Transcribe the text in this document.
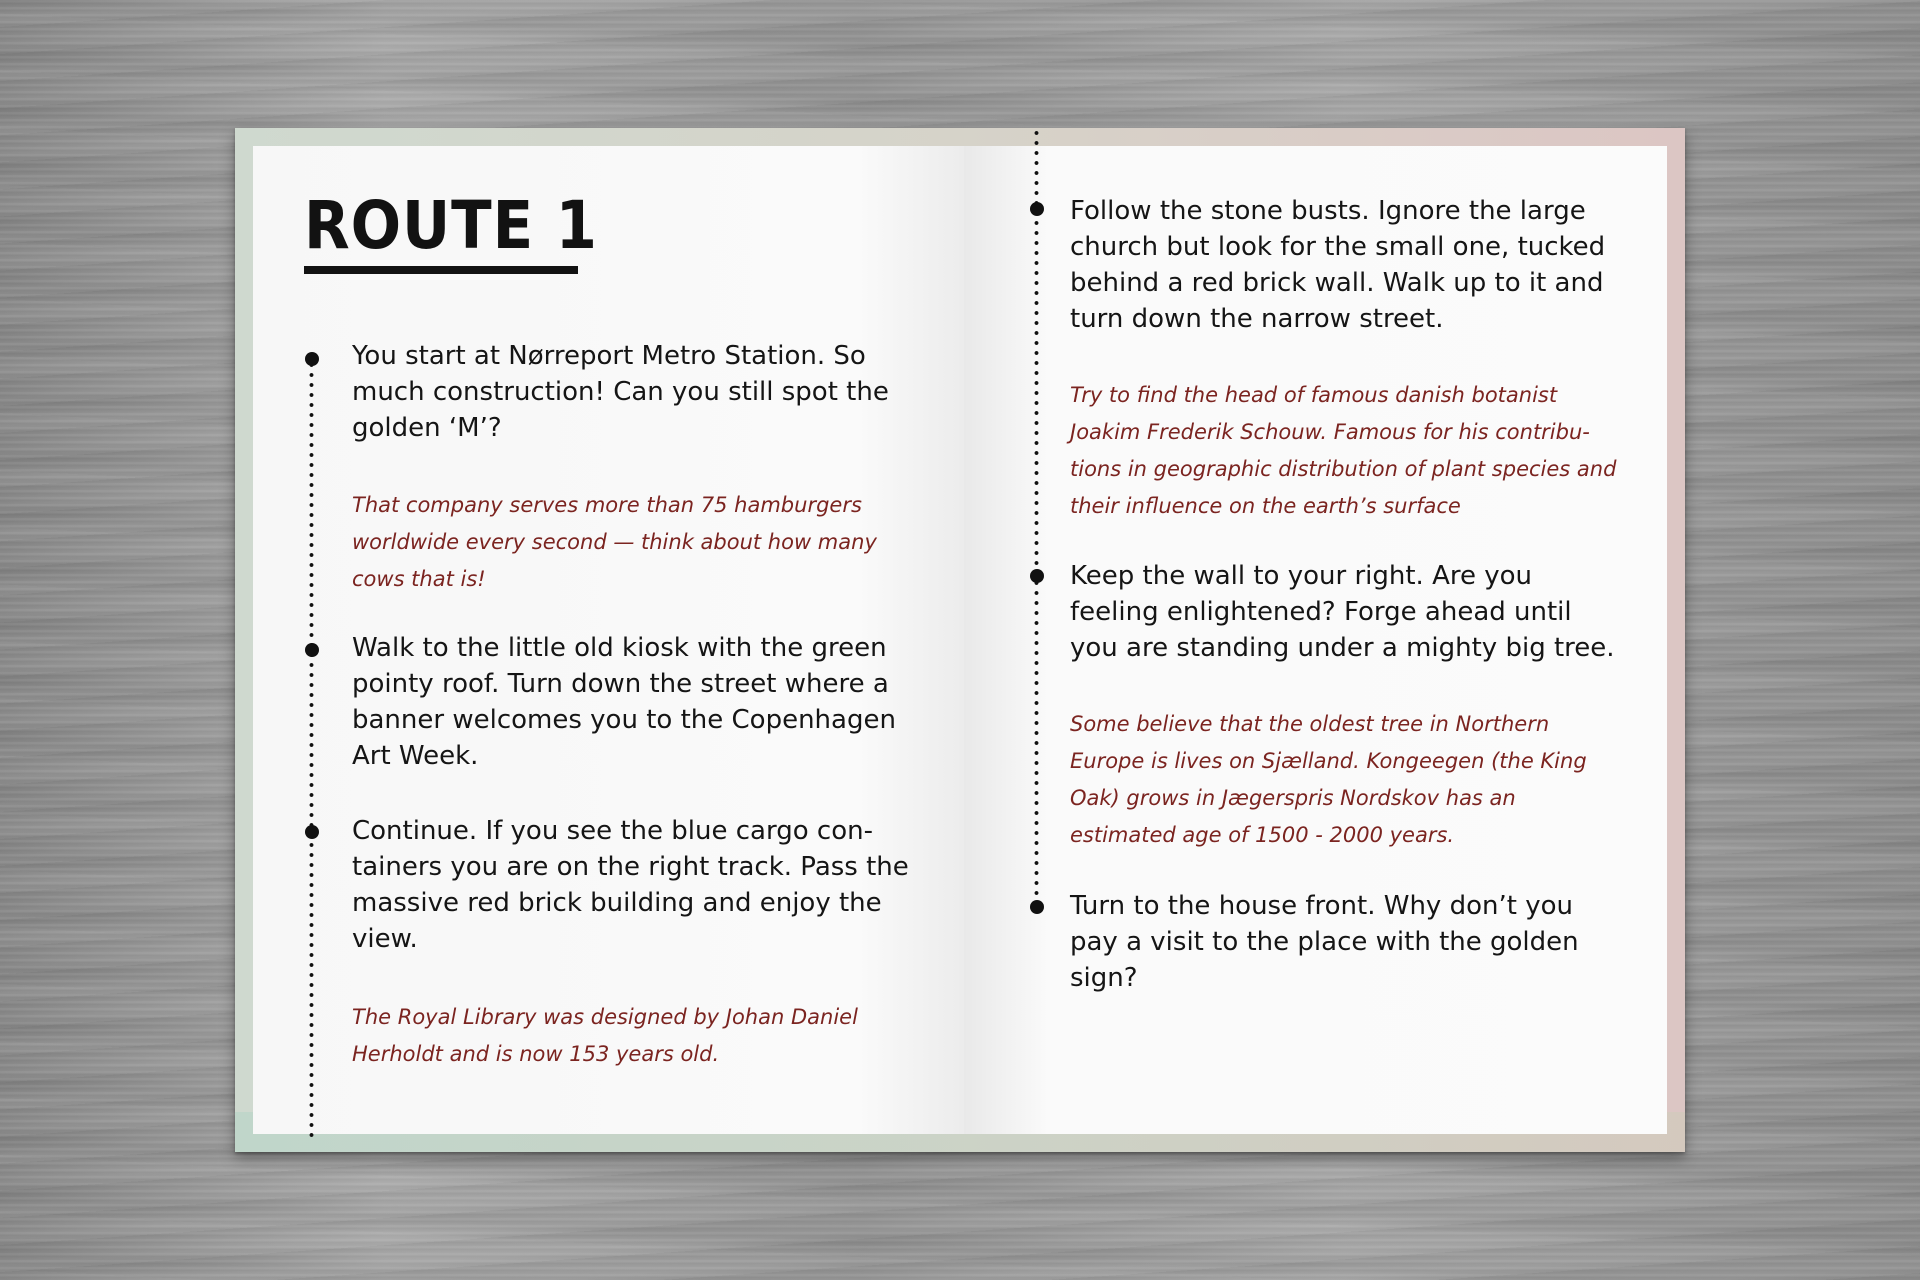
ROUTE 1

You start at Nørreport Metro Station. So much construction! Can you still spot the golden ‘M’?

That company serves more than 75 hamburgers worldwide every second — think about how many cows that is!

Walk to the little old kiosk with the green pointy roof. Turn down the street where a banner welcomes you to the Copenhagen Art Week.

Continue. If you see the blue cargo con-tainers you are on the right track. Pass the massive red brick building and enjoy the view.

The Royal Library was designed by Johan Daniel Herholdt and is now 153 years old.

Follow the stone busts. Ignore the large church but look for the small one, tucked behind a red brick wall. Walk up to it and turn down the narrow street.

Try to find the head of famous danish botanist Joakim Frederik Schouw. Famous for his contribu-tions in geographic distribution of plant species and their influence on the earth’s surface

Keep the wall to your right. Are you feeling enlightened? Forge ahead until you are standing under a mighty big tree.

Some believe that the oldest tree in Northern Europe is lives on Sjælland. Kongeegen (the King Oak) grows in Jægerspris Nordskov has an estimated age of 1500 - 2000 years.

Turn to the house front. Why don’t you pay a visit to the place with the golden sign?
